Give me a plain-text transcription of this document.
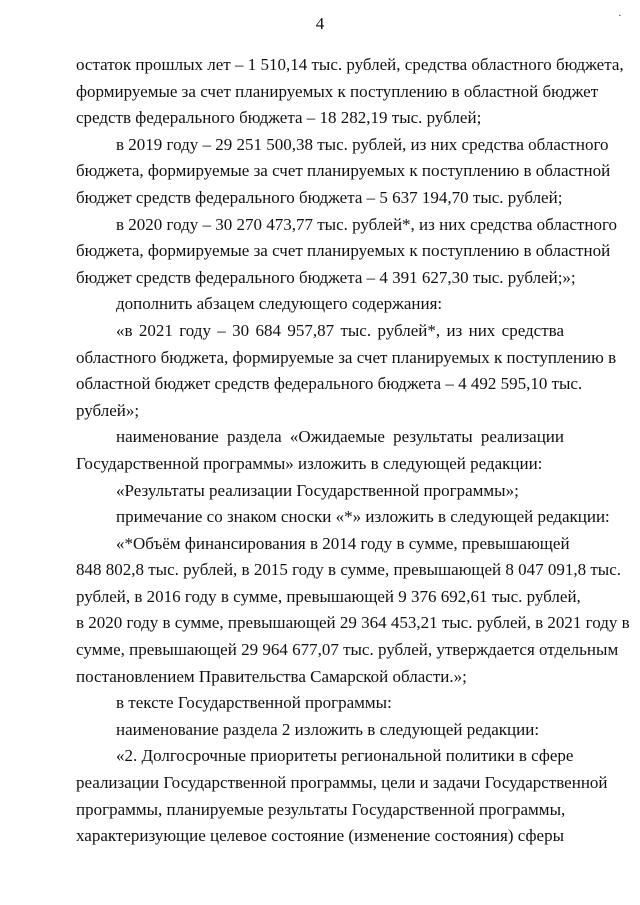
4	·
остаток прошлых лет – 1 510,14 тыс. рублей, средства областного бюджета,
формируемые за счет планируемых к поступлению в областной бюджет
средств федерального бюджета – 18 282,19 тыс. рублей;
в 2019 году – 29 251 500,38 тыс. рублей, из них средства областного
бюджета, формируемые за счет планируемых к поступлению в областной
бюджет средств федерального бюджета – 5 637 194,70 тыс. рублей;
в 2020 году – 30 270 473,77 тыс. рублей*, из них средства областного
бюджета, формируемые за счет планируемых к поступлению в областной
бюджет средств федерального бюджета – 4 391 627,30 тыс. рублей;»;
дополнить абзацем следующего содержания:
«в 2021 году – 30 684 957,87 тыс. рублей*, из них средства
областного бюджета, формируемые за счет планируемых к поступлению в
областной бюджет средств федерального бюджета – 4 492 595,10 тыс.
рублей»;
наименование раздела «Ожидаемые результаты реализации
Государственной программы» изложить в следующей редакции:
«Результаты реализации Государственной программы»;
примечание со знаком сноски «*» изложить в следующей редакции:
«*Объём финансирования в 2014 году в сумме, превышающей
848 802,8 тыс. рублей, в 2015 году в сумме, превышающей 8 047 091,8 тыс.
рублей, в 2016 году в сумме, превышающей 9 376 692,61 тыс. рублей,
в 2020 году в сумме, превышающей 29 364 453,21 тыс. рублей, в 2021 году в
сумме, превышающей 29 964 677,07 тыс. рублей, утверждается отдельным
постановлением Правительства Самарской области.»;
в тексте Государственной программы:
наименование раздела 2 изложить в следующей редакции:
«2. Долгосрочные приоритеты региональной политики в сфере
реализации Государственной программы, цели и задачи Государственной
программы, планируемые результаты Государственной программы,
характеризующие целевое состояние (изменение состояния) сферы
